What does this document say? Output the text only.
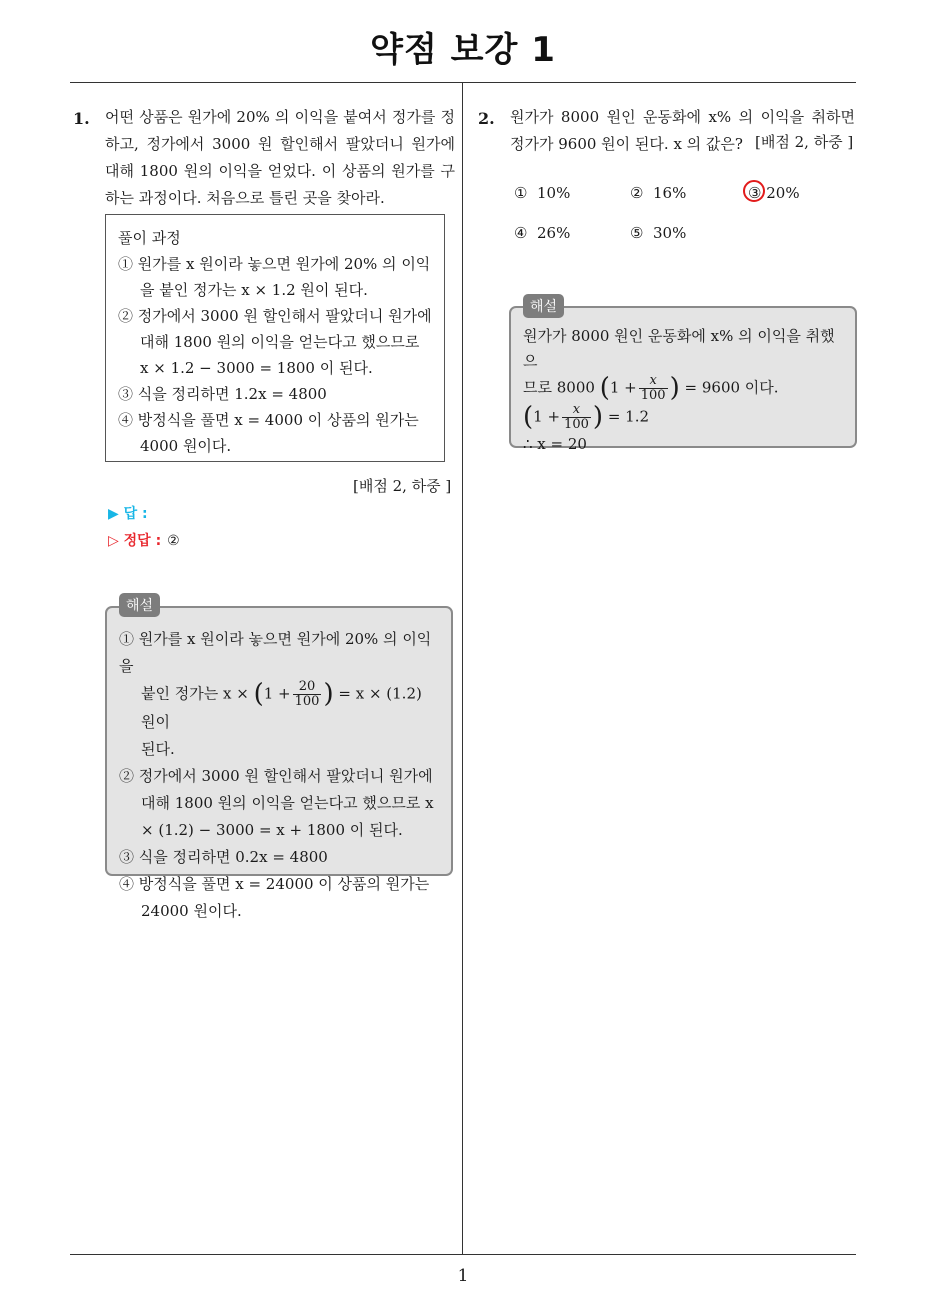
약점 보강 1
1. 어떤 상품은 원가에 20% 의 이익을 붙여서 정가를 정하고, 정가에서 3000 원 할인해서 팔았더니 원가에 대해 1800 원의 이익을 얻었다. 이 상품의 원가를 구하는 과정이다. 처음으로 틀린 곳을 찾아라.
풀이 과정
① 원가를 x 원이라 놓으면 원가에 20% 의 이익을 붙인 정가는 x × 1.2 원이 된다.
② 정가에서 3000 원 할인해서 팔았더니 원가에 대해 1800 원의 이익을 얻는다고 했으므로 x × 1.2 − 3000 = 1800 이 된다.
③ 식을 정리하면 1.2x = 4800
④ 방정식을 풀면 x = 4000 이 상품의 원가는 4000 원이다.
[배점 2, 하중 ]
▶ 답 :
▷ 정답 : ②
① 원가를 x 원이라 놓으면 원가에 20% 의 이익을
붙인 정가는 $x \times (1 + \frac{20}{100}$ ) = x × (1.2) 원이
된다.
② 정가에서 3000 원 할인해서 팔았더니 원가에 대해 1800 원의 이익을 얻는다고 했으므로 x × (1.2) − 3000 = x + 1800 이 된다.
③ 식을 정리하면 0.2x = 4800
④ 방정식을 풀면 x = 24000 이 상품의 원가는 24000 원이다.
해설
2. 원가가 8000 원인 운동화에 x% 의 이익을 취하면 정가가 9600 원이 된다. x 의 값은? [배점 2, 하중 ]
① 10%	② 16%	③ 20%
④ 26%	⑤ 30%
원가가 8000 원인 운동화에 x% 의 이익을 취했으
므로 8000 ($1 + \frac{x}{100}$ ) = 9600 이다.
($1 + \frac{x}{100}$ ) = 1.2
∴ x = 20
해설
1
